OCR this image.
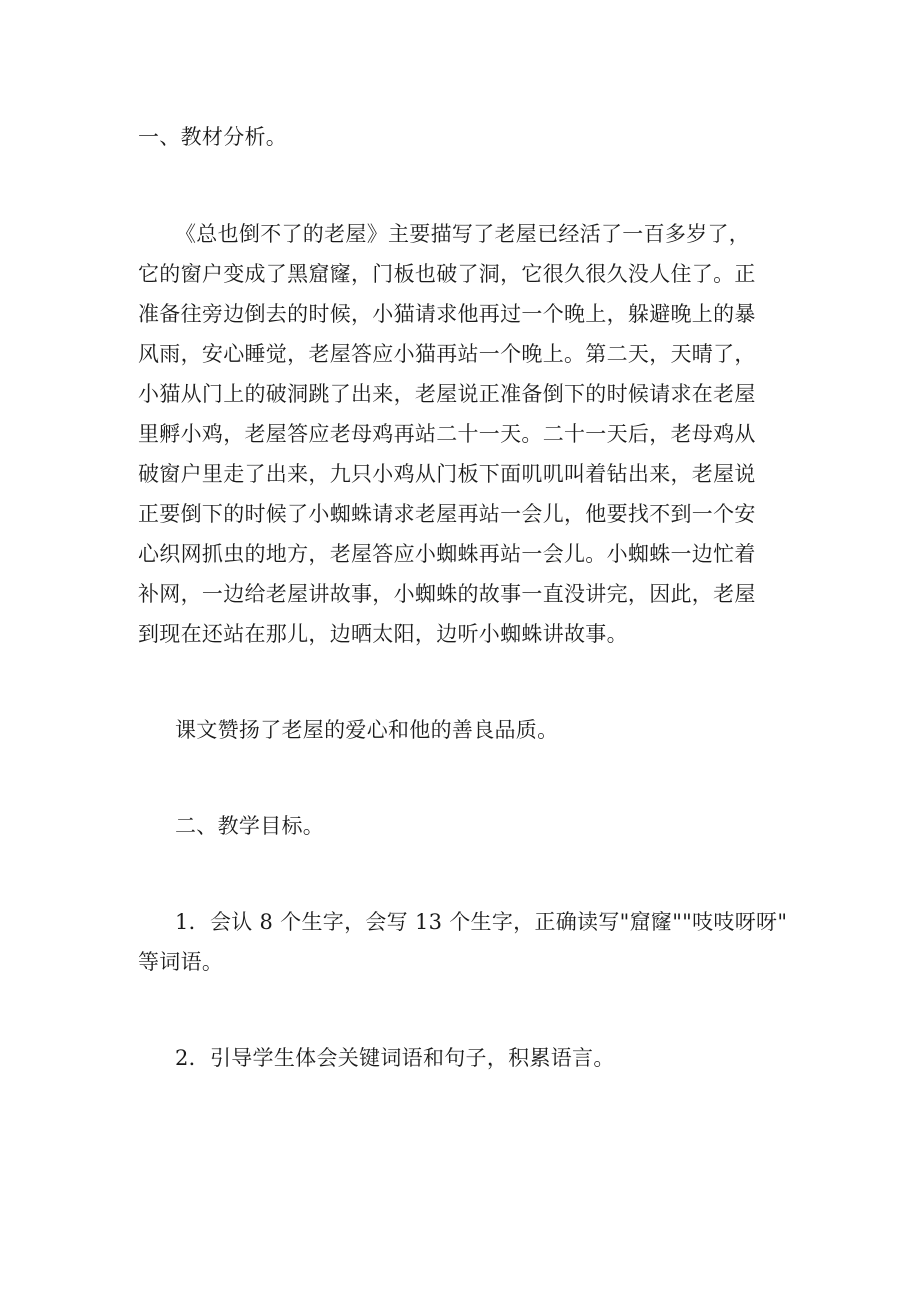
一、教材分析。
《总也倒不了的老屋》主要描写了老屋已经活了一百多岁了，
它的窗户变成了黑窟窿，门板也破了洞，它很久很久没人住了。正
准备往旁边倒去的时候，小猫请求他再过一个晚上，躲避晚上的暴
风雨，安心睡觉，老屋答应小猫再站一个晚上。第二天，天晴了，
小猫从门上的破洞跳了出来，老屋说正准备倒下的时候请求在老屋
里孵小鸡，老屋答应老母鸡再站二十一天。二十一天后，老母鸡从
破窗户里走了出来，九只小鸡从门板下面叽叽叫着钻出来，老屋说
正要倒下的时候了小蜘蛛请求老屋再站一会儿，他要找不到一个安
心织网抓虫的地方，老屋答应小蜘蛛再站一会儿。小蜘蛛一边忙着
补网，一边给老屋讲故事，小蜘蛛的故事一直没讲完，因此，老屋
到现在还站在那儿，边晒太阳，边听小蜘蛛讲故事。
课文赞扬了老屋的爱心和他的善良品质。
二、教学目标。
1．会认 8 个生字，会写 13 个生字，正确读写"窟窿""吱吱呀呀"
等词语。
2．引导学生体会关键词语和句子，积累语言。
